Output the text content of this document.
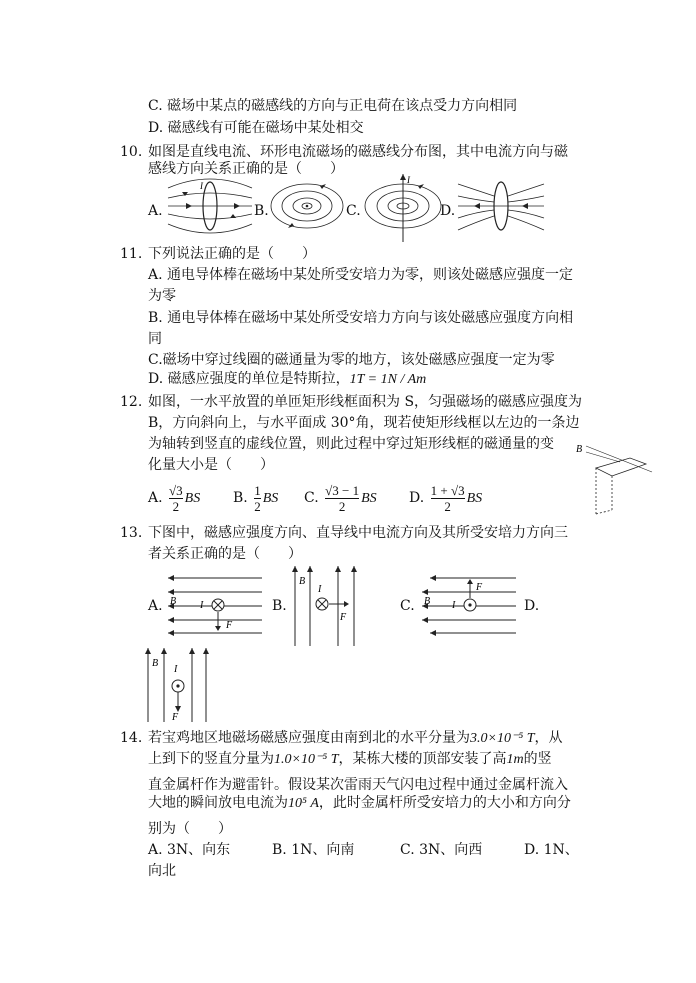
C. 磁场中某点的磁感线的方向与正电荷在该点受力方向相同
D. 磁感线有可能在磁场中某处相交
10. 如图是直线电流、环形电流磁场的磁感线分布图，其中电流方向与磁
感线方向关系正确的是（　　）
A.
I
B.	C.
I
D.
11. 下列说法正确的是（　　）
A. 通电导体棒在磁场中某处所受安培力为零，则该处磁感应强度一定
为零
B. 通电导体棒在磁场中某处所受安培力方向与该处磁感应强度方向相
同
C.磁场中穿过线圈的磁通量为零的地方，该处磁感应强度一定为零
D. 磁感应强度的单位是特斯拉，1T = 1N / Am
12. 如图，一水平放置的单匝矩形线框面积为 S，匀强磁场的磁感应强度为
B，方向斜向上，与水平面成 30°角，现若使矩形线框以左边的一条边
为轴转到竖直的虚线位置，则此过程中穿过矩形线框的磁通量的变
化量大小是（　　）
A. $\frac{√3}{2}$ BS B. $\frac{1}{2}$ BS C. $\frac{√3 - 1}{2}$ BS D. $\frac{1 + √3}{2}$ BS
B
13. 下图中，磁感应强度方向、直导线中电流方向及其所受安培力方向三
者关系正确的是（　　）
A. B I
F
B.
B
I
F
C. B I
F
D.
B
I
F
14. 若宝鸡地区地磁场磁感应强度由南到北的水平分量为3.0×10⁻⁵ T，从
上到下的竖直分量为1.0×10⁻⁵ T，某栋大楼的顶部安装了高1m的竖
直金属杆作为避雷针。假设某次雷雨天气闪电过程中通过金属杆流入
大地的瞬间放电电流为10⁵ A，此时金属杆所受安培力的大小和方向分
别为（　　）
A. 3N、向东	B. 1N、向南	C. 3N、向西	D. 1N、
向北
